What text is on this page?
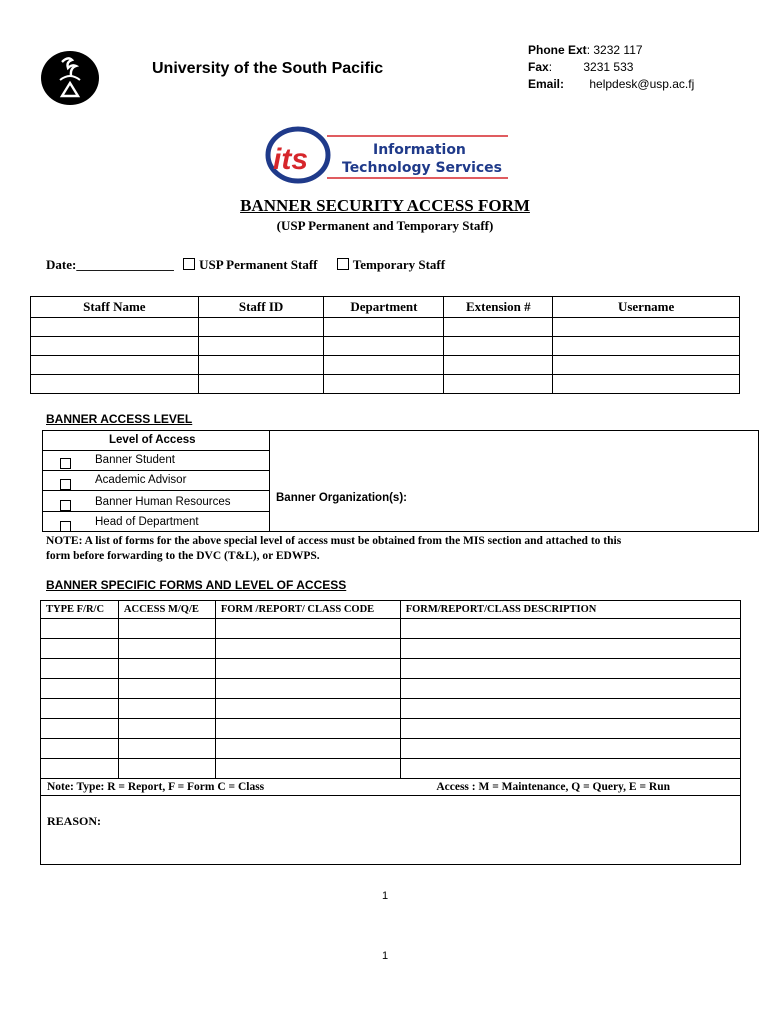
University of the South Pacific
Phone Ext: 3232 117
Fax:	3231 533
Email: helpdesk@usp.ac.fj
its	Information
Technology Services
BANNER SECURITY ACCESS FORM
(USP Permanent and Temporary Staff)
Date:_______________ USP Permanent Staff	Temporary Staff
Staff Name	Staff ID	Department	Extension #	Username

BANNER ACCESS LEVEL
Level of Access
Banner Student
Academic Advisor
Banner Human Resources
Head of Department
Banner Organization(s):
NOTE: A list of forms for the above special level of access must be obtained from the MIS section and attached to this
form before forwarding to the DVC (T&L), or EDWPS.
BANNER SPECIFIC FORMS AND LEVEL OF ACCESS
TYPE F/R/C	ACCESS M/Q/E	FORM /REPORT/ CLASS CODE	FORM/REPORT/CLASS DESCRIPTION

Note: Type: R = Report, F = Form C = Class Access : M = Maintenance, Q = Query, E = Run			

REASON:			
1
1
